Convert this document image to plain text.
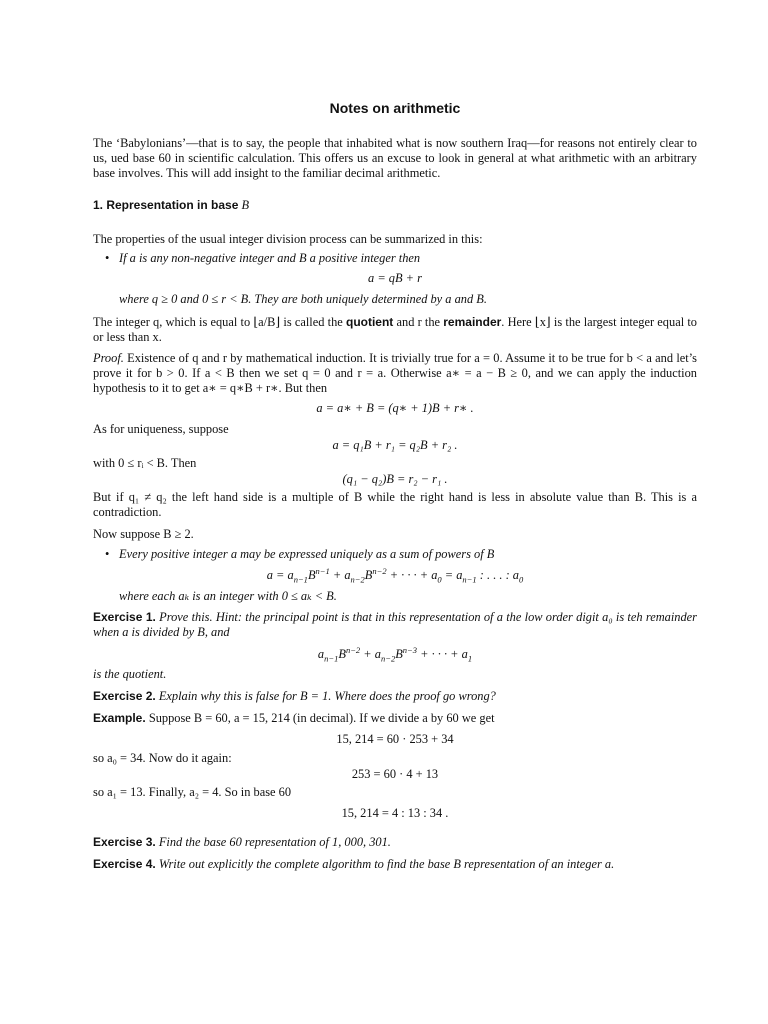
Notes on arithmetic
The ‘Babylonians’—that is to say, the people that inhabited what is now southern Iraq—for reasons not entirely clear to us, ued base 60 in scientific calculation. This offers us an excuse to look in general at what arithmetic with an arbitrary base involves. This will add insight to the familiar decimal arithmetic.
1. Representation in base B
The properties of the usual integer division process can be summarized in this:
• If a is any non-negative integer and B a positive integer then
a = qB + r
where q ≥ 0 and 0 ≤ r < B. They are both uniquely determined by a and B.
The integer q, which is equal to ⌊a/B⌋ is called the quotient and r the remainder. Here ⌊x⌋ is the largest integer equal to or less than x.
Proof. Existence of q and r by mathematical induction. It is trivially true for a = 0. Assume it to be true for b < a and let’s prove it for b > 0. If a < B then we set q = 0 and r = a. Otherwise a∗ = a − B ≥ 0, and we can apply the induction hypothesis to it to get a∗ = q∗B + r∗. But then
a = a∗ + B = (q∗ + 1)B + r∗ .
As for uniqueness, suppose
a = q₁B + r₁ = q₂B + r₂ .
with 0 ≤ rᵢ < B. Then
(q₁ − q₂)B = r₂ − r₁ .
But if q₁ ≠ q₂ the left hand side is a multiple of B while the right hand is less in absolute value than B. This is a contradiction.
Now suppose B ≥ 2.
• Every positive integer a may be expressed uniquely as a sum of powers of B
$a = a_{n-1}B^{n-1} + a_{n-2}B^{n-2}$ + · · · + $a_0 = a_{n-1}$ : . . . : $a_0$
where each aₖ is an integer with 0 ≤ aₖ < B.
Exercise 1. Prove this. Hint: the principal point is that in this representation of a the low order digit a₀ is teh remainder when a is divided by B, and
$a_{n-1}B^{n-2} + a_{n-2}B^{n-3}$ + · · · + $a_1$
is the quotient.
Exercise 2. Explain why this is false for B = 1. Where does the proof go wrong?
Example. Suppose B = 60, a = 15, 214 (in decimal). If we divide a by 60 we get
15, 214 = 60 · 253 + 34
so a₀ = 34. Now do it again:
253 = 60 · 4 + 13
so a₁ = 13. Finally, a₂ = 4. So in base 60
15, 214 = 4 : 13 : 34 .
Exercise 3. Find the base 60 representation of 1, 000, 301.
Exercise 4. Write out explicitly the complete algorithm to find the base B representation of an integer a.
